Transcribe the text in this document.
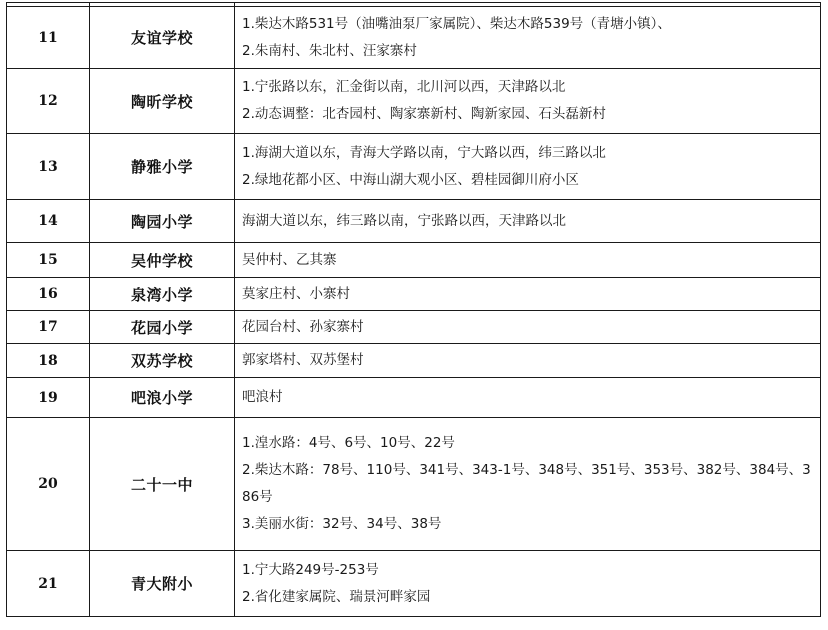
11	友谊学校	1.柴达木路531号（油嘴油泵厂家属院）、柴达木路539号（青塘小镇）、
2.朱南村、朱北村、汪家寨村

12	陶昕学校	1.宁张路以东，汇金街以南，北川河以西，天津路以北
2.动态调整：北杏园村、陶家寨新村、陶新家园、石头磊新村

13	静雅小学	1.海湖大道以东，青海大学路以南，宁大路以西，纬三路以北
2.绿地花都小区、中海山湖大观小区、碧桂园御川府小区

14	陶园小学	海湖大道以东，纬三路以南，宁张路以西，天津路以北

15	吴仲学校	吴仲村、乙其寨

16	泉湾小学	莫家庄村、小寨村

17	花园小学	花园台村、孙家寨村

18	双苏学校	郭家塔村、双苏堡村

19	吧浪小学	吧浪村

20	二十一中	1.湟水路：4号、6号、10号、22号
2.柴达木路：78号、110号、341号、343-1号、348号、351号、353号、382号、384号、386号
3.美丽水街：32号、34号、38号

21	青大附小	1.宁大路249号-253号
2.省化建家属院、瑞景河畔家园
